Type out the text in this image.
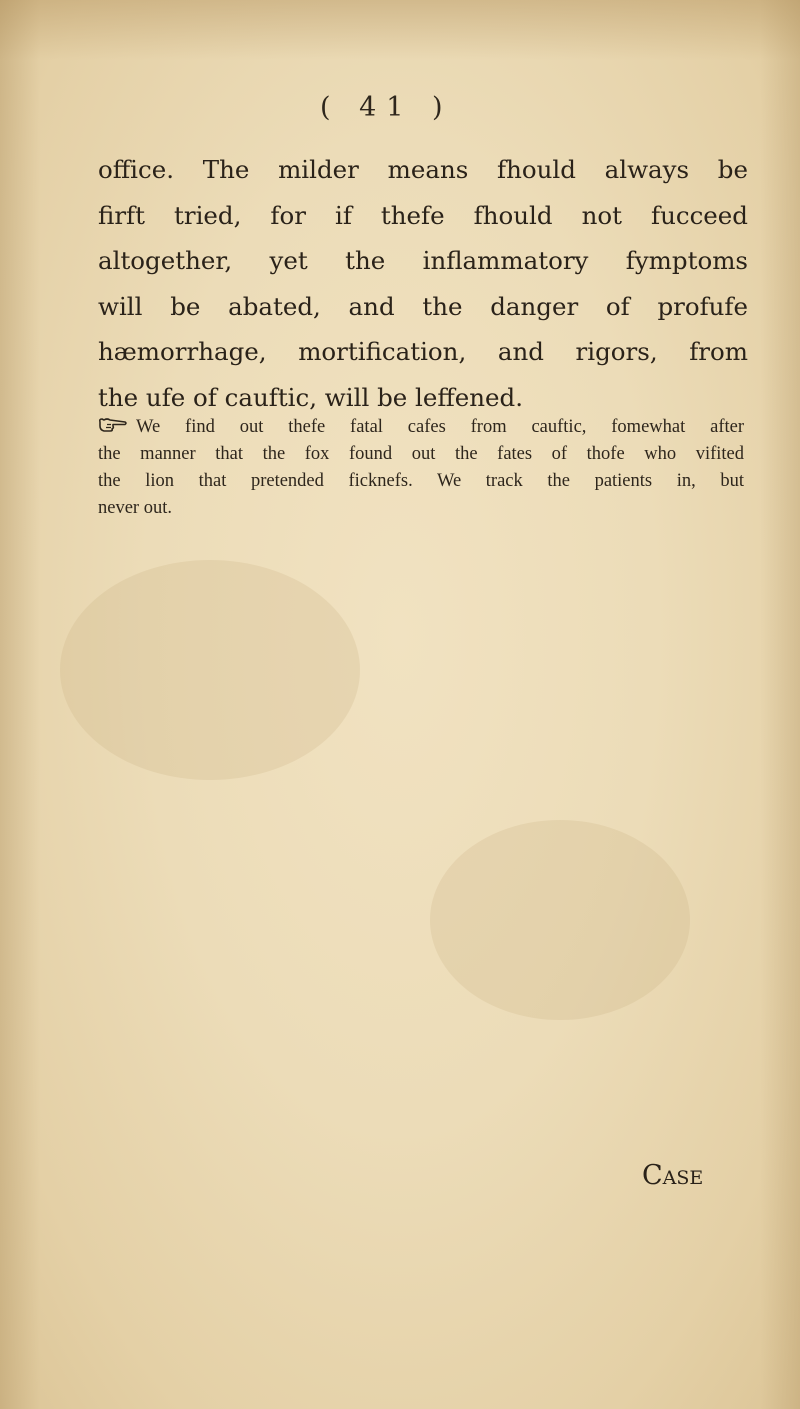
( 41 )
office. The milder means fhould always be
firft tried, for if thefe fhould not fucceed
altogether, yet the inflammatory fymptoms
will be abated, and the danger of profufe
hæmorrhage, mortification, and rigors, from
the ufe of cauftic, will be leffened.
We find out thefe fatal cafes from cauftic, fomewhat after
the manner that the fox found out the fates of thofe who vifited
the lion that pretended ficknefs. We track the patients in, but
never out.
Case
